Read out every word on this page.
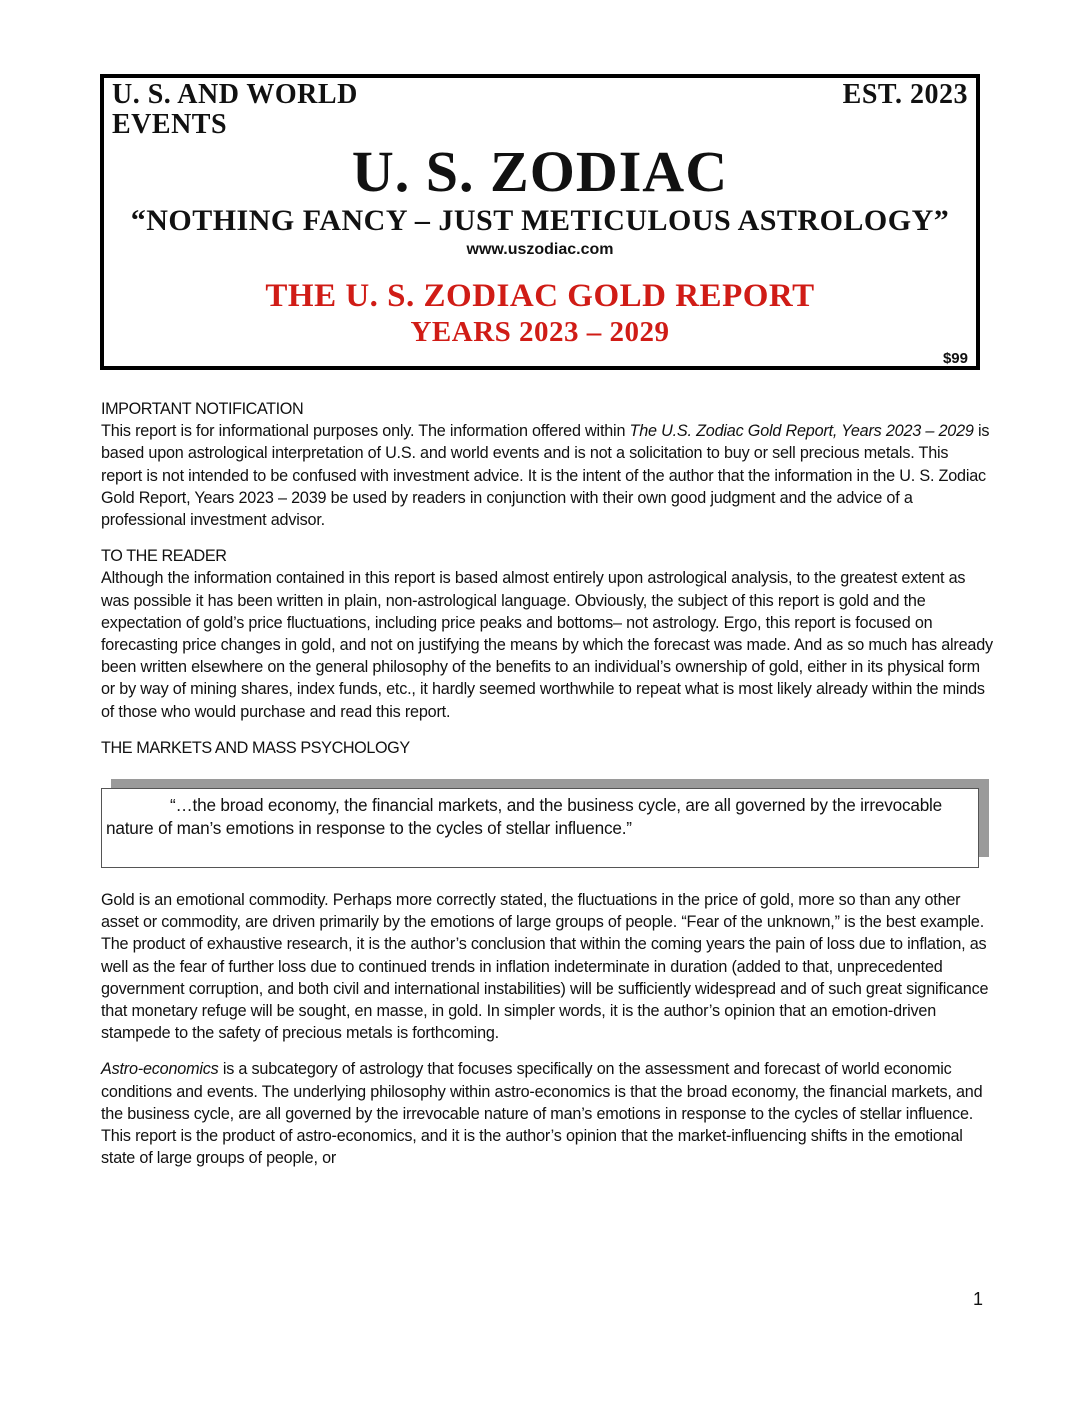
U. S. AND WORLD
EVENTS
EST. 2023
U. S. ZODIAC
“NOTHING FANCY – JUST METICULOUS ASTROLOGY”
www.uszodiac.com
THE U. S. ZODIAC GOLD REPORT
YEARS 2023 – 2029
$99
IMPORTANT NOTIFICATION

This report is for informational purposes only. The information offered within The U.S. Zodiac Gold Report, Years 2023 – 2029 is based upon astrological interpretation of U.S. and world events and is not a solicitation to buy or sell precious metals. This report is not intended to be confused with investment advice. It is the intent of the author that the information in the U. S. Zodiac Gold Report, Years 2023 – 2039 be used by readers in conjunction with their own good judgment and the advice of a professional investment advisor.

TO THE READER

Although the information contained in this report is based almost entirely upon astrological analysis, to the greatest extent as was possible it has been written in plain, non-astrological language. Obviously, the subject of this report is gold and the expectation of gold’s price fluctuations, including price peaks and bottoms– not astrology. Ergo, this report is focused on forecasting price changes in gold, and not on justifying the means by which the forecast was made. And as so much has already been written elsewhere on the general philosophy of the benefits to an individual’s ownership of gold, either in its physical form or by way of mining shares, index funds, etc., it hardly seemed worthwhile to repeat what is most likely already within the minds of those who would purchase and read this report.

THE MARKETS AND MASS PSYCHOLOGY
“…the broad economy, the financial markets, and the business cycle, are all governed by the irrevocable nature of man’s emotions in response to the cycles of stellar influence.”

Gold is an emotional commodity. Perhaps more correctly stated, the fluctuations in the price of gold, more so than any other asset or commodity, are driven primarily by the emotions of large groups of people. “Fear of the unknown,” is the best example. The product of exhaustive research, it is the author’s conclusion that within the coming years the pain of loss due to inflation, as well as the fear of further loss due to continued trends in inflation indeterminate in duration (added to that, unprecedented government corruption, and both civil and international instabilities) will be sufficiently widespread and of such great significance that monetary refuge will be sought, en masse, in gold. In simpler words, it is the author’s opinion that an emotion-driven stampede to the safety of precious metals is forthcoming.

Astro-economics is a subcategory of astrology that focuses specifically on the assessment and forecast of world economic conditions and events. The underlying philosophy within astro-economics is that the broad economy, the financial markets, and the business cycle, are all governed by the irrevocable nature of man’s emotions in response to the cycles of stellar influence. This report is the product of astro-economics, and it is the author’s opinion that the market-influencing shifts in the emotional state of large groups of people, or

1
